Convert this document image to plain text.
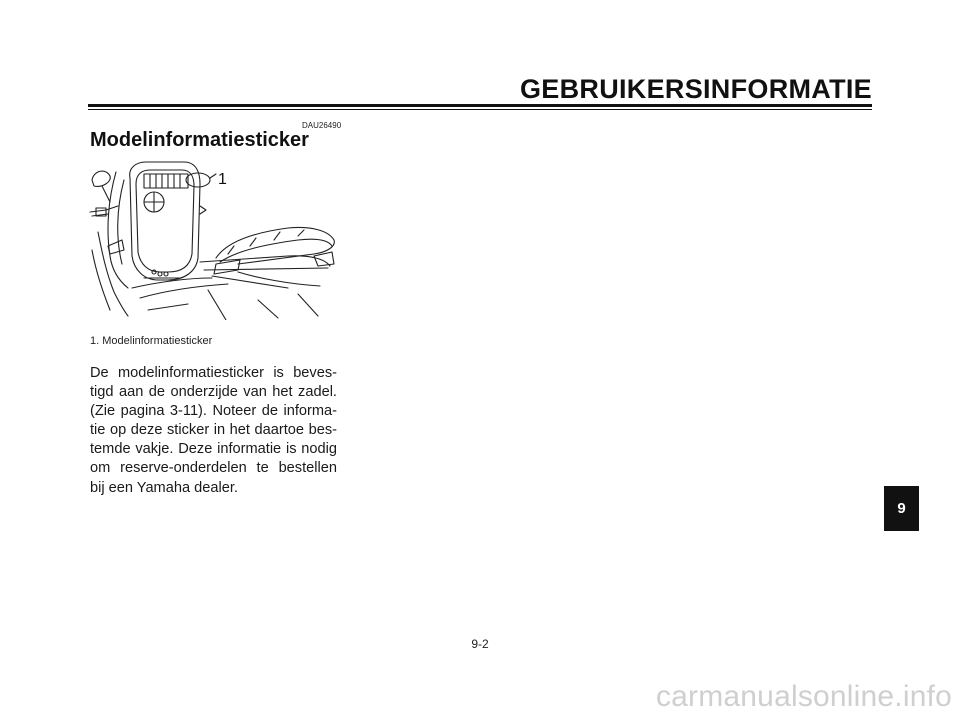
GEBRUIKERSINFORMATIE
DAU26490
Modelinformatiesticker
1
1. Modelinformatiesticker

De modelinformatiesticker is beves- tigd aan de onderzijde van het zadel. (Zie pagina 3-11). Noteer de informa- tie op deze sticker in het daartoe bes- temde vakje. Deze informatie is nodig om reserve-onderdelen te bestellen bij een Yamaha dealer.

9
9-2
carmanualsonline.info
